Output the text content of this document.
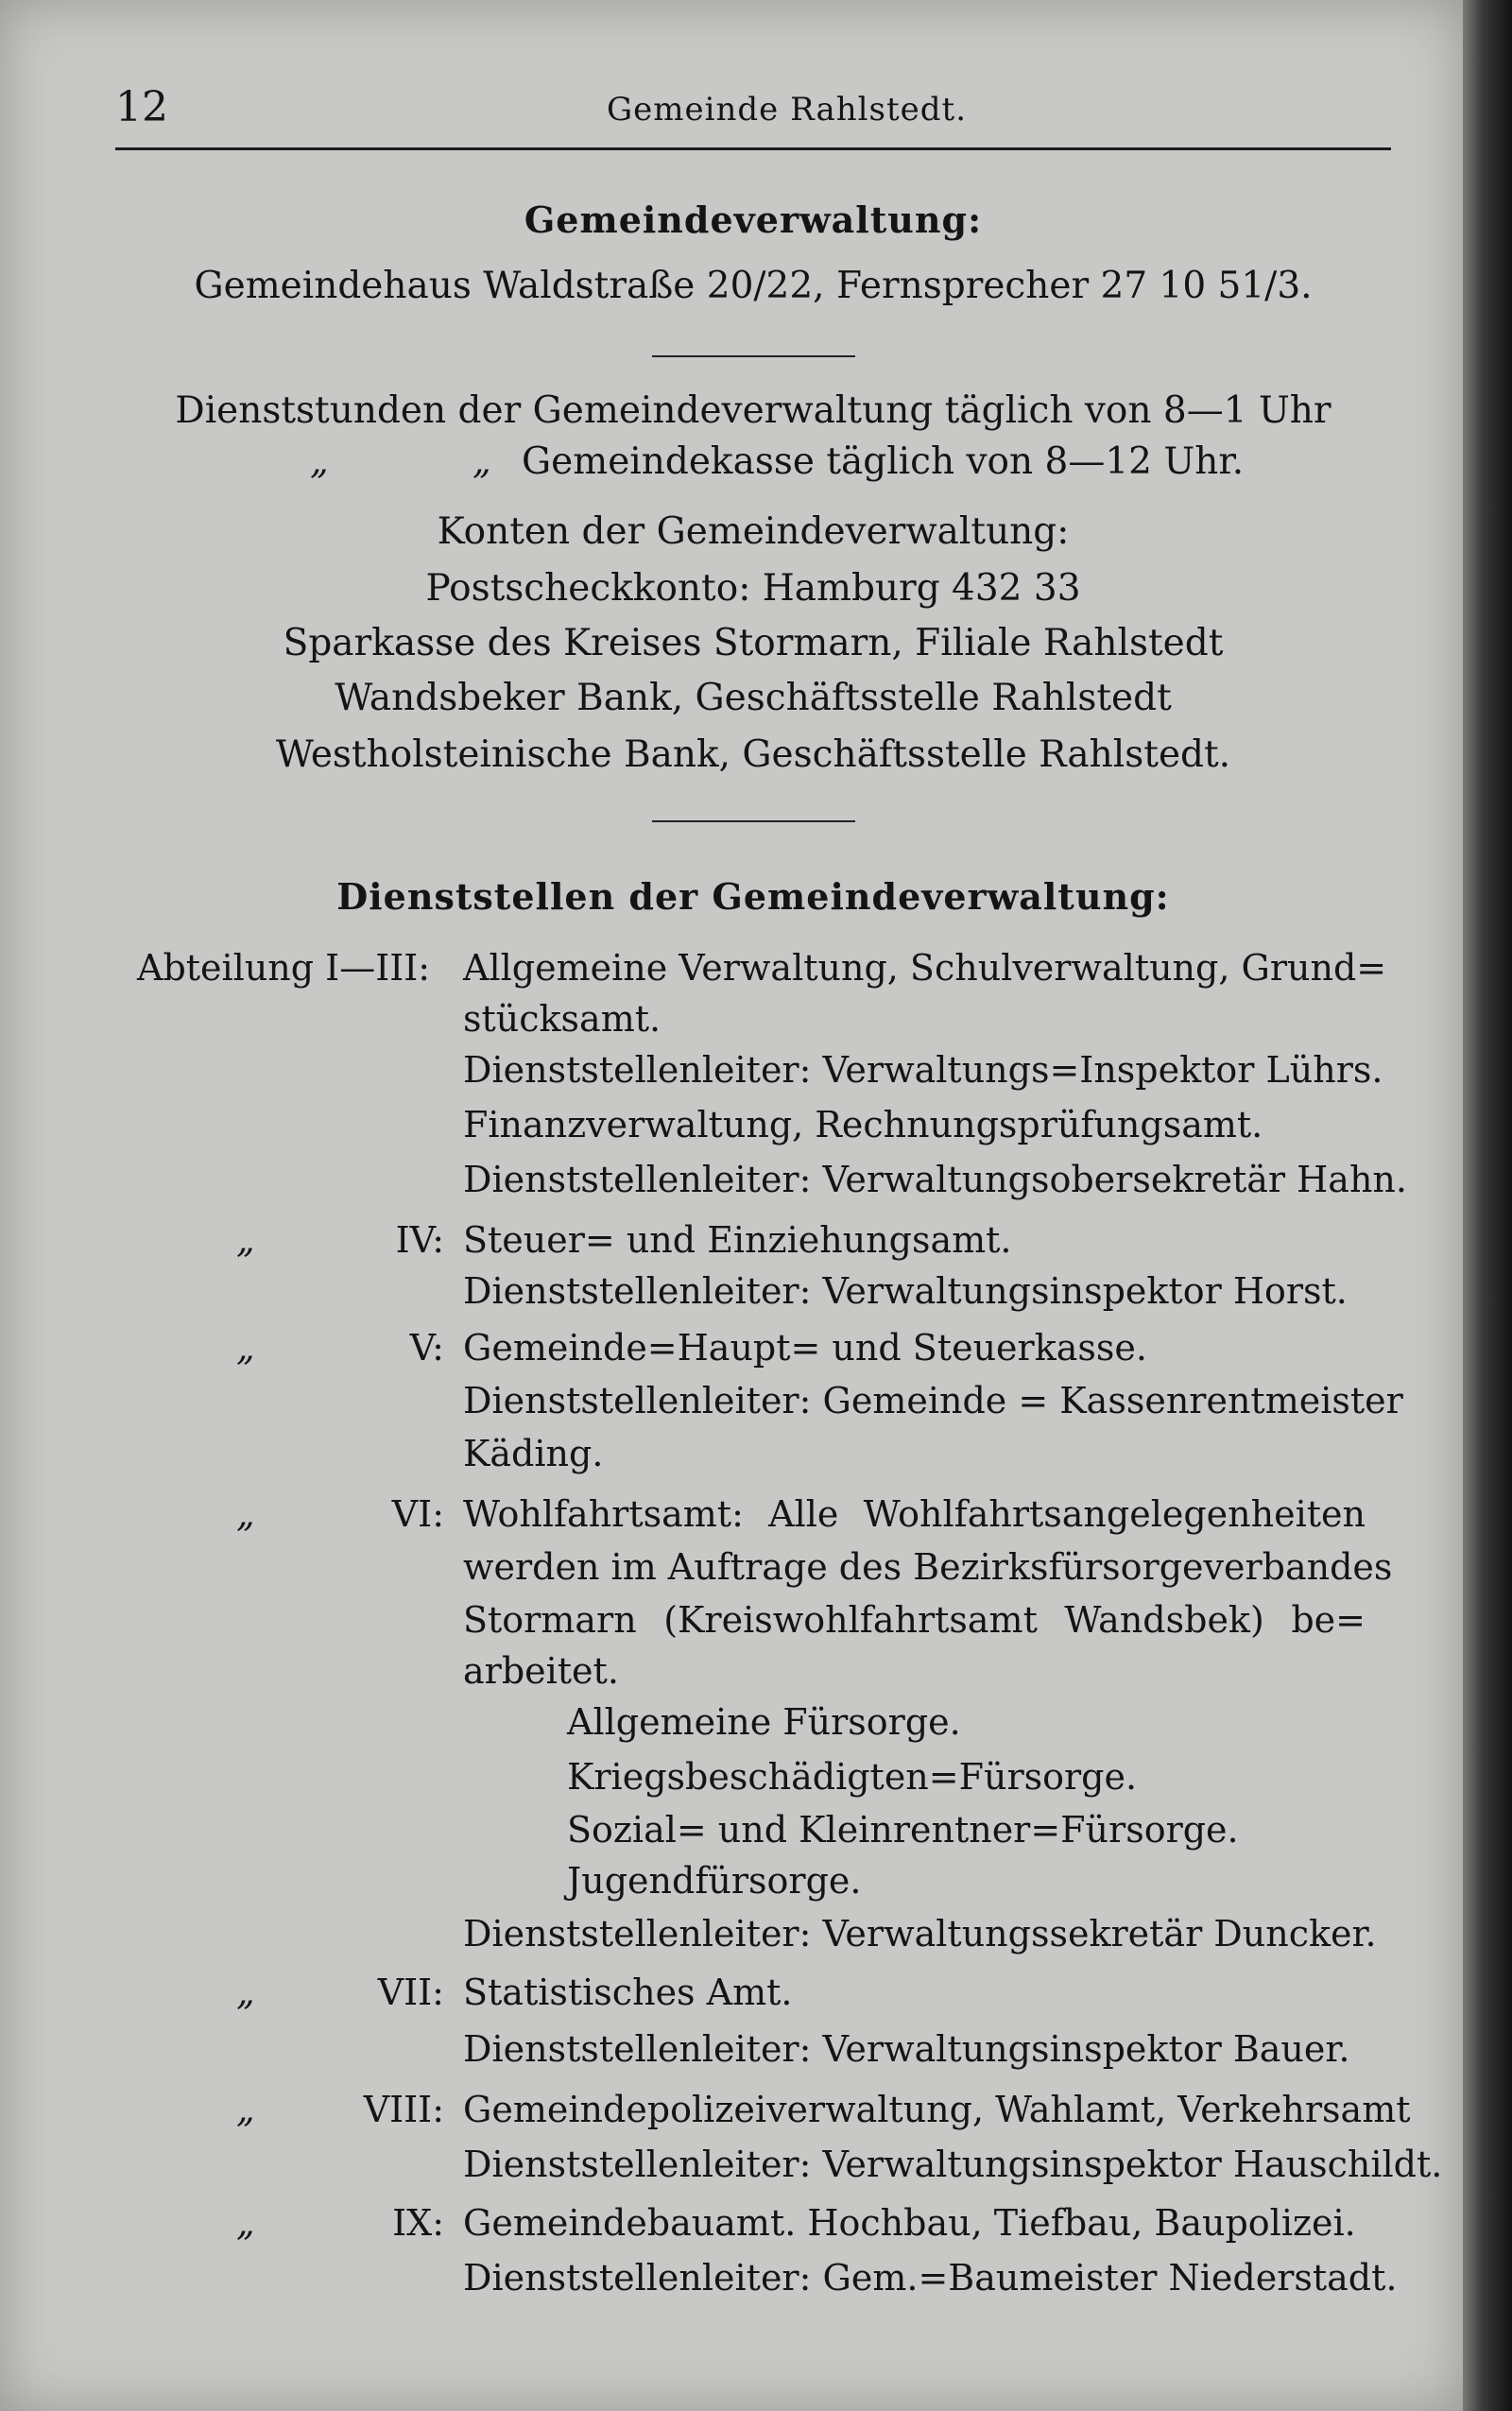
12	Gemeinde Rahlstedt.
Gemeindeverwaltung:
Gemeindehaus Waldstraße 20/22, Fernsprecher 27 10 51/3.
Dienststunden der Gemeindeverwaltung täglich von 8—1 Uhr
„	„ Gemeindekasse täglich von 8—12 Uhr.
Konten der Gemeindeverwaltung:
Postscheckkonto: Hamburg 432 33
Sparkasse des Kreises Stormarn, Filiale Rahlstedt
Wandsbeker Bank, Geschäftsstelle Rahlstedt
Westholsteinische Bank, Geschäftsstelle Rahlstedt.
Dienststellen der Gemeindeverwaltung:
Abteilung I—III: Allgemeine Verwaltung, Schulverwaltung, Grund=
stücksamt.
Dienststellenleiter: Verwaltungs=Inspektor Lührs.
Finanzverwaltung, Rechnungsprüfungsamt.
Dienststellenleiter: Verwaltungsobersekretär Hahn.
„	IV: Steuer= und Einziehungsamt.
Dienststellenleiter: Verwaltungsinspektor Horst.
„	V: Gemeinde=Haupt= und Steuerkasse.
Dienststellenleiter: Gemeinde = Kassenrentmeister
Käding.
„	VI: Wohlfahrtsamt: Alle Wohlfahrtsangelegenheiten
werden im Auftrage des Bezirksfürsorgeverbandes
Stormarn (Kreiswohlfahrtsamt Wandsbek) be=
arbeitet.
Allgemeine Fürsorge.
Kriegsbeschädigten=Fürsorge.
Sozial= und Kleinrentner=Fürsorge.
Jugendfürsorge.
Dienststellenleiter: Verwaltungssekretär Duncker.
„	VII: Statistisches Amt.
Dienststellenleiter: Verwaltungsinspektor Bauer.
„	VIII: Gemeindepolizeiverwaltung, Wahlamt, Verkehrsamt
Dienststellenleiter: Verwaltungsinspektor Hauschildt.
„	IX: Gemeindebauamt. Hochbau, Tiefbau, Baupolizei.
Dienststellenleiter: Gem.=Baumeister Niederstadt.
